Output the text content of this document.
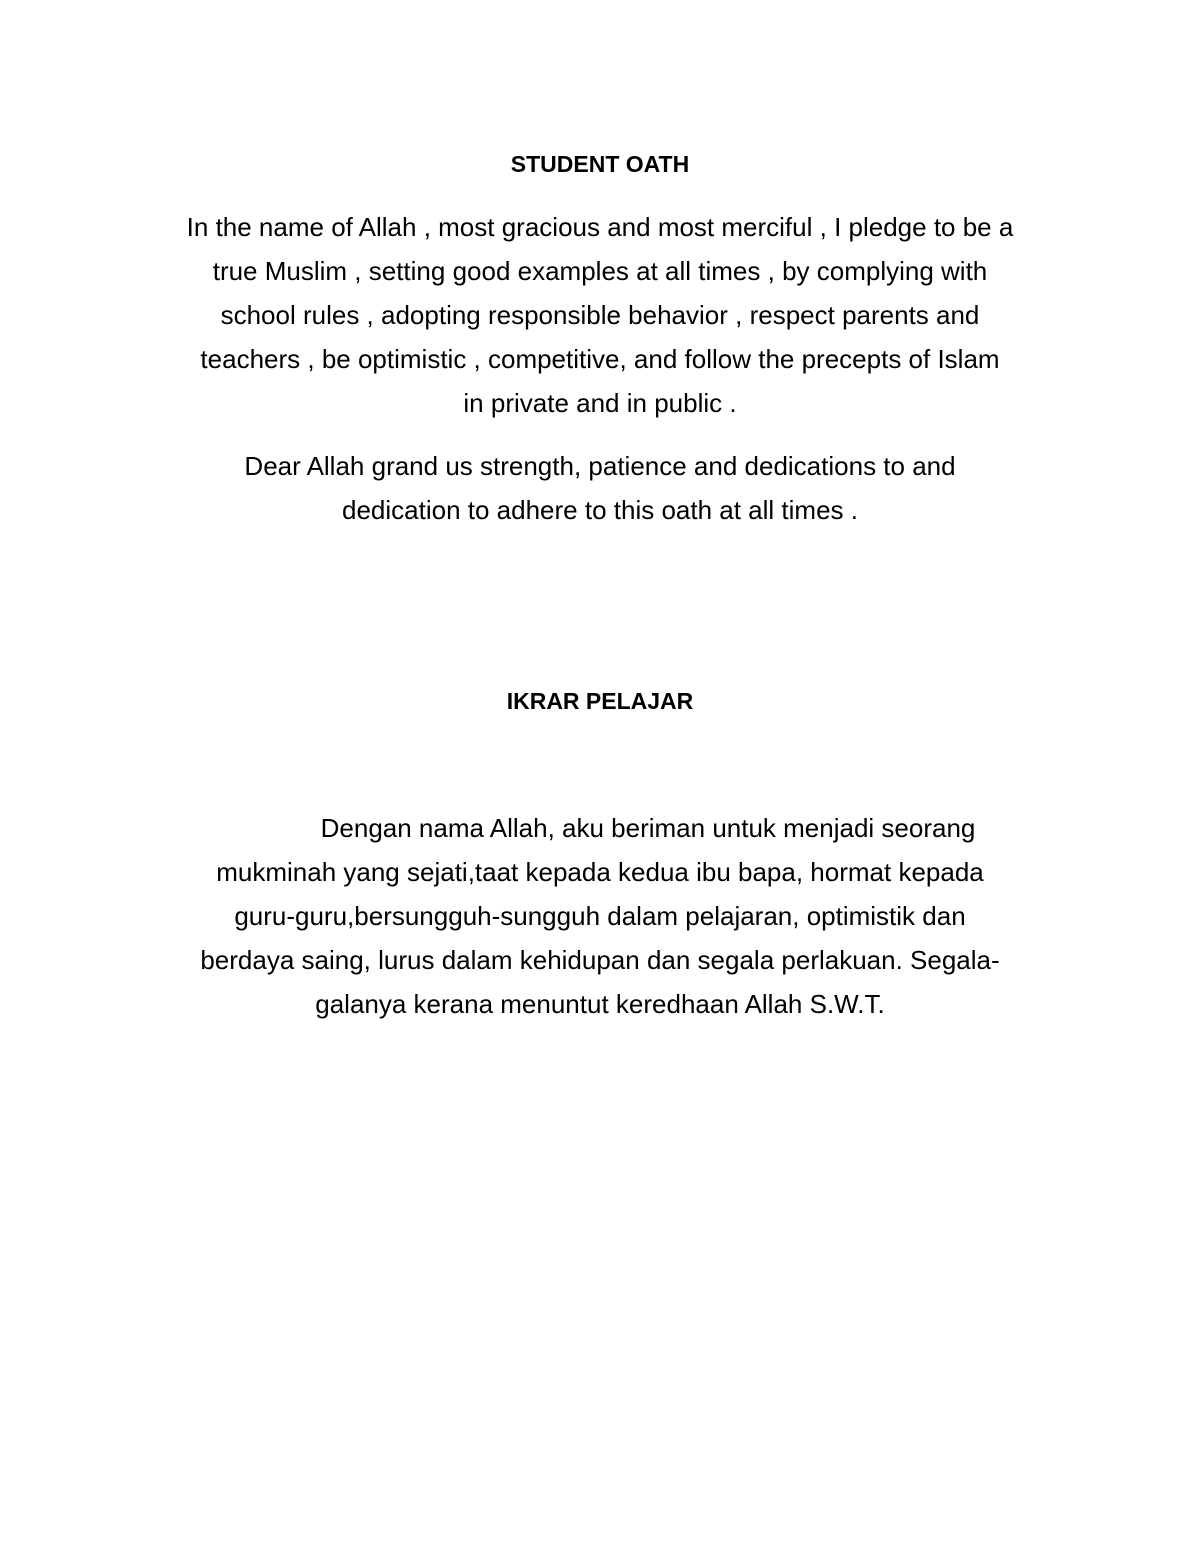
STUDENT OATH

In the name of Allah , most gracious and most merciful , I pledge to be a
true Muslim , setting good examples at all times , by complying with
school rules , adopting responsible behavior , respect parents and
teachers , be optimistic , competitive, and follow the precepts of Islam
in private and in public .

Dear Allah grand us strength, patience and dedications to and
dedication to adhere to this oath at all times .

IKRAR PELAJAR

Dengan nama Allah, aku beriman untuk menjadi seorang
mukminah yang sejati,taat kepada kedua ibu bapa, hormat kepada
guru-guru,bersungguh-sungguh dalam pelajaran, optimistik dan
berdaya saing, lurus dalam kehidupan dan segala perlakuan. Segala-
galanya kerana menuntut keredhaan Allah S.W.T.
